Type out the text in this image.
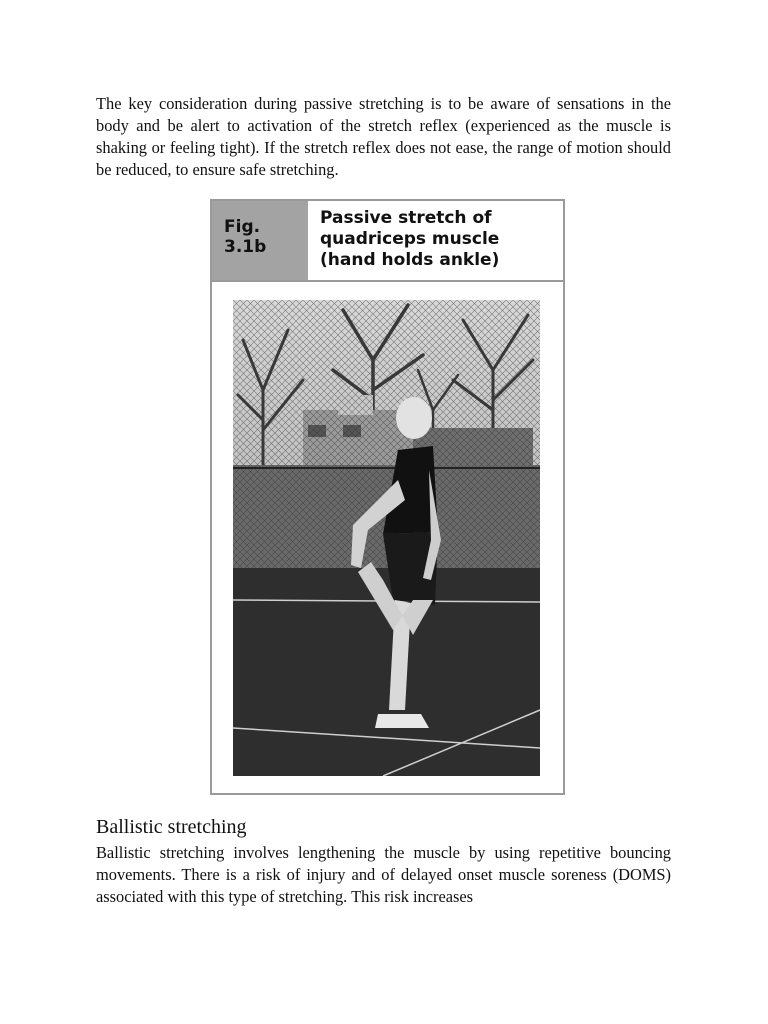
The key consideration during passive stretching is to be aware of sensations in the body and be alert to activation of the stretch reflex (experienced as the muscle is shaking or feeling tight). If the stretch reflex does not ease, the range of motion should be reduced, to ensure safe stretching.

Fig.
3.1b
Passive stretch of quadriceps muscle (hand holds ankle)
Ballistic stretching

Ballistic stretching involves lengthening the muscle by using repetitive bouncing movements. There is a risk of injury and of delayed onset muscle soreness (DOMS) associated with this type of stretching. This risk increases
